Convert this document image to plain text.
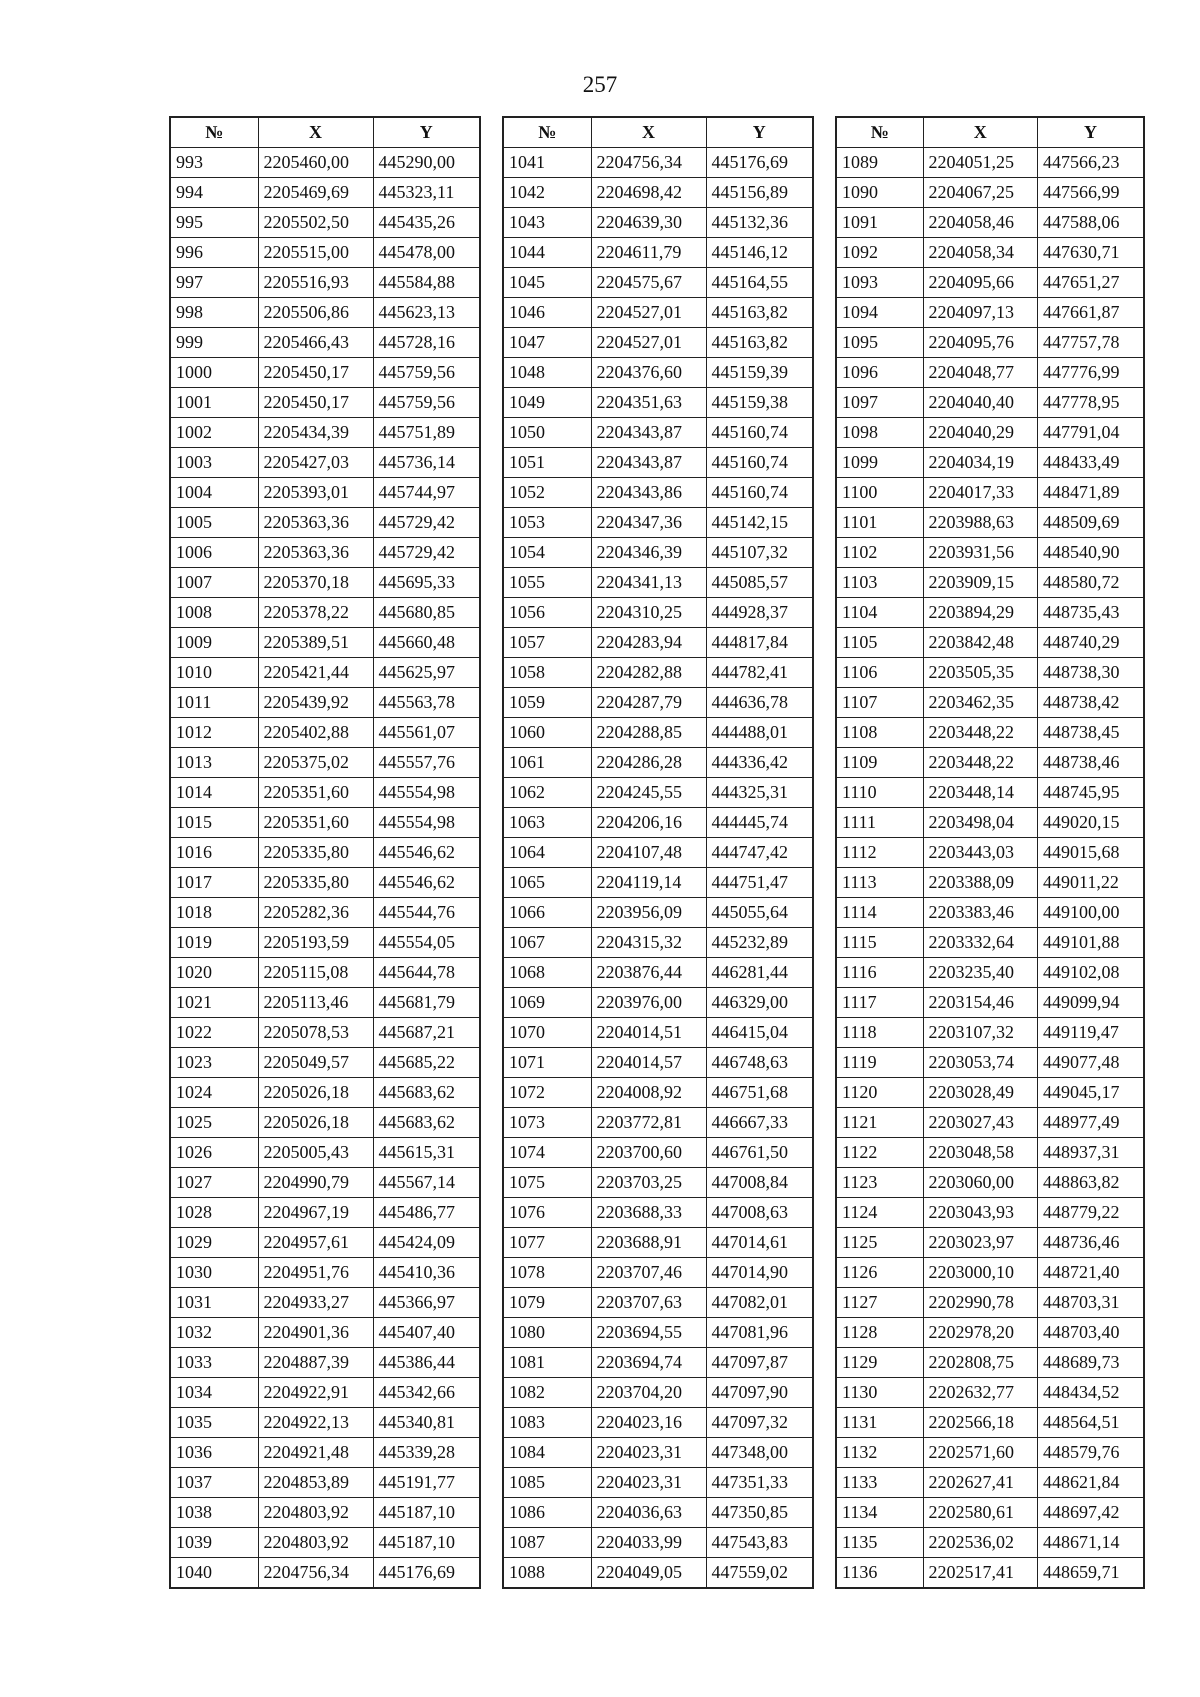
257
№	X	Y
993	2205460,00	445290,00
994	2205469,69	445323,11
995	2205502,50	445435,26
996	2205515,00	445478,00
997	2205516,93	445584,88
998	2205506,86	445623,13
999	2205466,43	445728,16
1000	2205450,17	445759,56
1001	2205450,17	445759,56
1002	2205434,39	445751,89
1003	2205427,03	445736,14
1004	2205393,01	445744,97
1005	2205363,36	445729,42
1006	2205363,36	445729,42
1007	2205370,18	445695,33
1008	2205378,22	445680,85
1009	2205389,51	445660,48
1010	2205421,44	445625,97
1011	2205439,92	445563,78
1012	2205402,88	445561,07
1013	2205375,02	445557,76
1014	2205351,60	445554,98
1015	2205351,60	445554,98
1016	2205335,80	445546,62
1017	2205335,80	445546,62
1018	2205282,36	445544,76
1019	2205193,59	445554,05
1020	2205115,08	445644,78
1021	2205113,46	445681,79
1022	2205078,53	445687,21
1023	2205049,57	445685,22
1024	2205026,18	445683,62
1025	2205026,18	445683,62
1026	2205005,43	445615,31
1027	2204990,79	445567,14
1028	2204967,19	445486,77
1029	2204957,61	445424,09
1030	2204951,76	445410,36
1031	2204933,27	445366,97
1032	2204901,36	445407,40
1033	2204887,39	445386,44
1034	2204922,91	445342,66
1035	2204922,13	445340,81
1036	2204921,48	445339,28
1037	2204853,89	445191,77
1038	2204803,92	445187,10
1039	2204803,92	445187,10
1040	2204756,34	445176,69
№	X	Y
1041	2204756,34	445176,69
1042	2204698,42	445156,89
1043	2204639,30	445132,36
1044	2204611,79	445146,12
1045	2204575,67	445164,55
1046	2204527,01	445163,82
1047	2204527,01	445163,82
1048	2204376,60	445159,39
1049	2204351,63	445159,38
1050	2204343,87	445160,74
1051	2204343,87	445160,74
1052	2204343,86	445160,74
1053	2204347,36	445142,15
1054	2204346,39	445107,32
1055	2204341,13	445085,57
1056	2204310,25	444928,37
1057	2204283,94	444817,84
1058	2204282,88	444782,41
1059	2204287,79	444636,78
1060	2204288,85	444488,01
1061	2204286,28	444336,42
1062	2204245,55	444325,31
1063	2204206,16	444445,74
1064	2204107,48	444747,42
1065	2204119,14	444751,47
1066	2203956,09	445055,64
1067	2204315,32	445232,89
1068	2203876,44	446281,44
1069	2203976,00	446329,00
1070	2204014,51	446415,04
1071	2204014,57	446748,63
1072	2204008,92	446751,68
1073	2203772,81	446667,33
1074	2203700,60	446761,50
1075	2203703,25	447008,84
1076	2203688,33	447008,63
1077	2203688,91	447014,61
1078	2203707,46	447014,90
1079	2203707,63	447082,01
1080	2203694,55	447081,96
1081	2203694,74	447097,87
1082	2203704,20	447097,90
1083	2204023,16	447097,32
1084	2204023,31	447348,00
1085	2204023,31	447351,33
1086	2204036,63	447350,85
1087	2204033,99	447543,83
1088	2204049,05	447559,02
№	X	Y
1089	2204051,25	447566,23
1090	2204067,25	447566,99
1091	2204058,46	447588,06
1092	2204058,34	447630,71
1093	2204095,66	447651,27
1094	2204097,13	447661,87
1095	2204095,76	447757,78
1096	2204048,77	447776,99
1097	2204040,40	447778,95
1098	2204040,29	447791,04
1099	2204034,19	448433,49
1100	2204017,33	448471,89
1101	2203988,63	448509,69
1102	2203931,56	448540,90
1103	2203909,15	448580,72
1104	2203894,29	448735,43
1105	2203842,48	448740,29
1106	2203505,35	448738,30
1107	2203462,35	448738,42
1108	2203448,22	448738,45
1109	2203448,22	448738,46
1110	2203448,14	448745,95
1111	2203498,04	449020,15
1112	2203443,03	449015,68
1113	2203388,09	449011,22
1114	2203383,46	449100,00
1115	2203332,64	449101,88
1116	2203235,40	449102,08
1117	2203154,46	449099,94
1118	2203107,32	449119,47
1119	2203053,74	449077,48
1120	2203028,49	449045,17
1121	2203027,43	448977,49
1122	2203048,58	448937,31
1123	2203060,00	448863,82
1124	2203043,93	448779,22
1125	2203023,97	448736,46
1126	2203000,10	448721,40
1127	2202990,78	448703,31
1128	2202978,20	448703,40
1129	2202808,75	448689,73
1130	2202632,77	448434,52
1131	2202566,18	448564,51
1132	2202571,60	448579,76
1133	2202627,41	448621,84
1134	2202580,61	448697,42
1135	2202536,02	448671,14
1136	2202517,41	448659,71
